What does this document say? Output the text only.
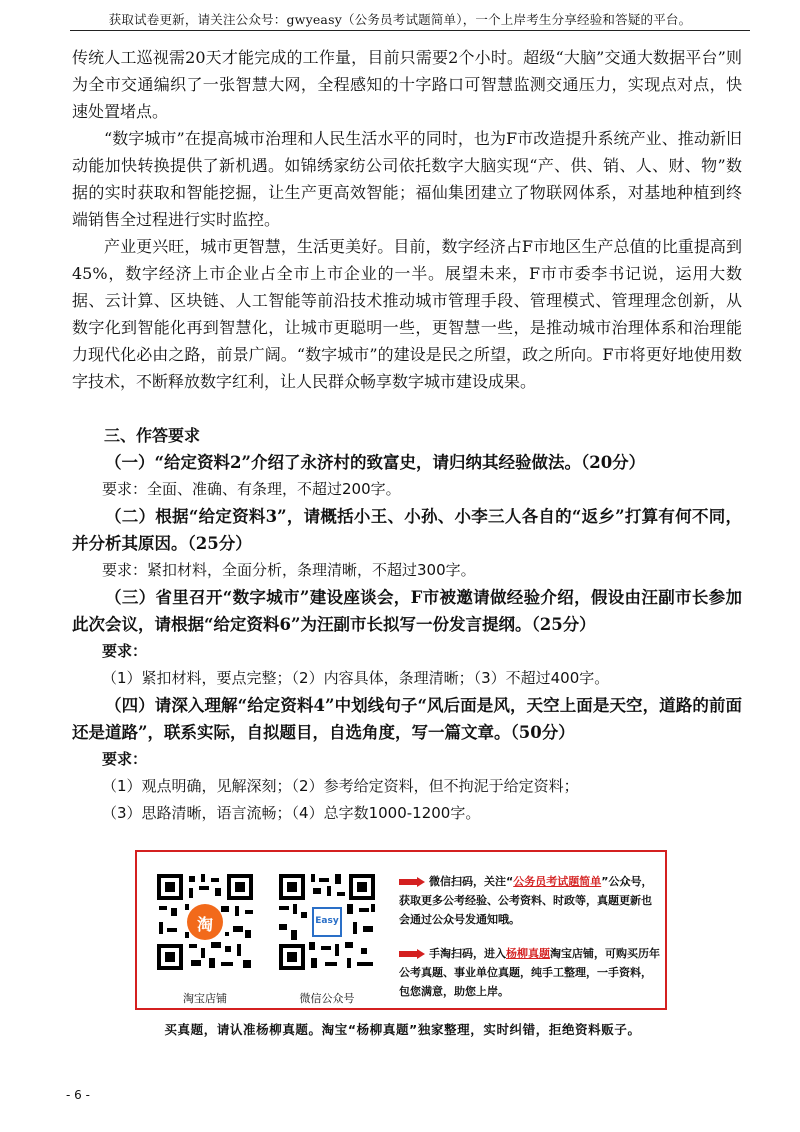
获取试卷更新，请关注公众号：gwyeasy（公务员考试题简单），一个上岸考生分享经验和答疑的平台。

传统人工巡视需20天才能完成的工作量，目前只需要2个小时。超级“大脑”交通大数据平台”则为全市交通编织了一张智慧大网，全程感知的十字路口可智慧监测交通压力，实现点对点，快速处置堵点。

“数字城市”在提高城市治理和人民生活水平的同时，也为F市改造提升系统产业、推动新旧动能加快转换提供了新机遇。如锦绣家纺公司依托数字大脑实现“产、供、销、人、财、物”数据的实时获取和智能挖掘，让生产更高效智能；福仙集团建立了物联网体系，对基地种植到终端销售全过程进行实时监控。

产业更兴旺，城市更智慧，生活更美好。目前，数字经济占F市地区生产总值的比重提高到45%，数字经济上市企业占全市上市企业的一半。展望未来，F市市委李书记说，运用大数据、云计算、区块链、人工智能等前沿技术推动城市管理手段、管理模式、管理理念创新，从数字化到智能化再到智慧化，让城市更聪明一些，更智慧一些，是推动城市治理体系和治理能力现代化必由之路，前景广阔。“数字城市”的建设是民之所望，政之所向。F市将更好地使用数字技术，不断释放数字红利，让人民群众畅享数字城市建设成果。

三、作答要求

（一）“给定资料2”介绍了永济村的致富史，请归纳其经验做法。（20分）

要求：全面、准确、有条理，不超过200字。

（二）根据“给定资料3”，请概括小王、小孙、小李三人各自的“返乡”打算有何不同，并分析其原因。（25分）

要求：紧扣材料，全面分析，条理清晰，不超过300字。

（三）省里召开“数字城市”建设座谈会，F市被邀请做经验介绍，假设由汪副市长参加此次会议，请根据“给定资料6”为汪副市长拟写一份发言提纲。（25分）

要求：

（1）紧扣材料，要点完整；（2）内容具体，条理清晰；（3）不超过400字。

（四）请深入理解“给定资料4”中划线句子“风后面是风，天空上面是天空，道路的前面还是道路”，联系实际，自拟题目，自选角度，写一篇文章。（50分）

要求：

（1）观点明确，见解深刻；（2）参考给定资料，但不拘泥于给定资料；

（3）思路清晰，语言流畅；（4）总字数1000-1200字。

淘
淘宝店铺
Easy
微信公众号
微信扫码，关注“公务员考试题简单”公众号，获取更多公考经验、公考资料、时政等，真题更新也会通过公众号发通知哦。
手淘扫码，进入杨柳真题淘宝店铺，可购买历年公考真题、事业单位真题，纯手工整理，一手资料，包您满意，助您上岸。
买真题，请认准杨柳真题。淘宝“杨柳真题”独家整理，实时纠错，拒绝资料贩子。
- 6 -
